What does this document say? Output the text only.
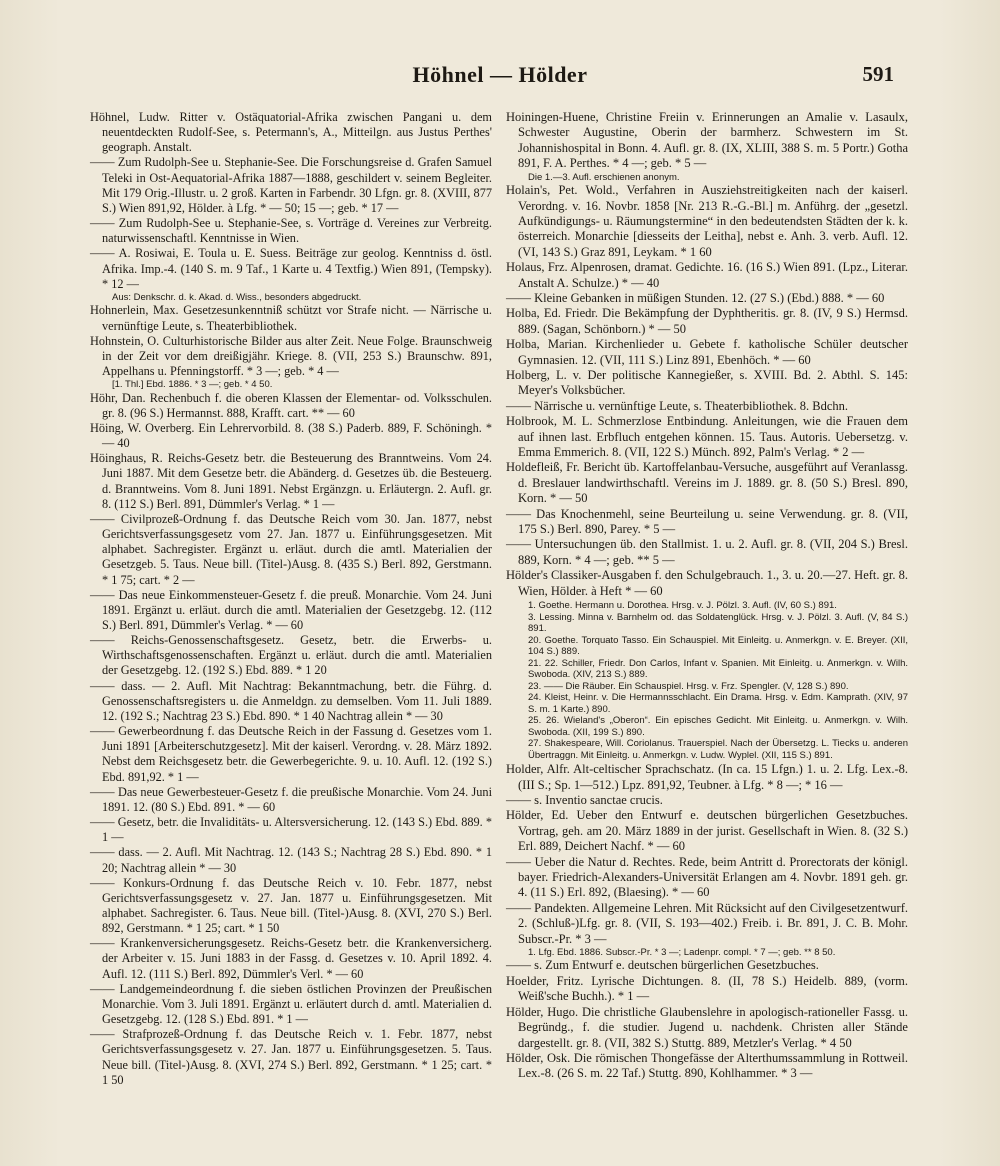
Höhnel — Hölder	591

Höhnel, Ludw. Ritter v. Ostäquatorial-Afrika zwischen Pangani u. dem neuentdeckten Rudolf-See, s. Petermann's, A., Mitteilgn. aus Justus Perthes' geograph. Anstalt.

—— Zum Rudolph-See u. Stephanie-See. Die Forschungsreise d. Grafen Samuel Teleki in Ost-Aequatorial-Afrika 1887—1888, geschildert v. seinem Begleiter. Mit 179 Orig.-Illustr. u. 2 groß. Karten in Farbendr. 30 Lfgn. gr. 8. (XVIII, 877 S.) Wien 891,92, Hölder. à Lfg. * — 50; 15 —; geb. * 17 —

—— Zum Rudolph-See u. Stephanie-See, s. Vorträge d. Vereines zur Verbreitg. naturwissenschaftl. Kenntnisse in Wien.

—— A. Rosiwai, E. Toula u. E. Suess. Beiträge zur geolog. Kenntniss d. östl. Afrika. Imp.-4. (140 S. m. 9 Taf., 1 Karte u. 4 Textfig.) Wien 891, (Tempsky). * 12 —

Aus: Denkschr. d. k. Akad. d. Wiss., besonders abgedruckt.

Hohnerlein, Max. Gesetzesunkenntniß schützt vor Strafe nicht. — Närrische u. vernünftige Leute, s. Theaterbibliothek.

Hohnstein, O. Culturhistorische Bilder aus alter Zeit. Neue Folge. Braunschweig in der Zeit vor dem dreißigjähr. Kriege. 8. (VII, 253 S.) Braunschw. 891, Appelhans u. Pfenningstorff. * 3 —; geb. * 4 —

[1. Thl.] Ebd. 1886. * 3 —; geb. * 4 50.

Höhr, Dan. Rechenbuch f. die oberen Klassen der Elementar- od. Volksschulen. gr. 8. (96 S.) Hermannst. 888, Krafft. cart. ** — 60

Höing, W. Overberg. Ein Lehrervorbild. 8. (38 S.) Paderb. 889, F. Schöningh. * — 40

Höinghaus, R. Reichs-Gesetz betr. die Besteuerung des Branntweins. Vom 24. Juni 1887. Mit dem Gesetze betr. die Abänderg. d. Gesetzes üb. die Besteuerg. d. Branntweins. Vom 8. Juni 1891. Nebst Ergänzgn. u. Erläutergn. 2. Aufl. gr. 8. (112 S.) Berl. 891, Dümmler's Verlag. * 1 —

—— Civilprozeß-Ordnung f. das Deutsche Reich vom 30. Jan. 1877, nebst Gerichtsverfassungsgesetz vom 27. Jan. 1877 u. Einführungsgesetzen. Mit alphabet. Sachregister. Ergänzt u. erläut. durch die amtl. Materialien der Gesetzgeb. 5. Taus. Neue bill. (Titel-)Ausg. 8. (435 S.) Berl. 892, Gerstmann. * 1 75; cart. * 2 —

—— Das neue Einkommensteuer-Gesetz f. die preuß. Monarchie. Vom 24. Juni 1891. Ergänzt u. erläut. durch die amtl. Materialien der Gesetzgebg. 12. (112 S.) Berl. 891, Dümmler's Verlag. * — 60

—— Reichs-Genossenschaftsgesetz. Gesetz, betr. die Erwerbs- u. Wirthschaftsgenossenschaften. Ergänzt u. erläut. durch die amtl. Materialien der Gesetzgebg. 12. (192 S.) Ebd. 889. * 1 20

—— dass. — 2. Aufl. Mit Nachtrag: Bekanntmachung, betr. die Führg. d. Genossenschaftsregisters u. die Anmeldgn. zu demselben. Vom 11. Juli 1889. 12. (192 S.; Nachtrag 23 S.) Ebd. 890. * 1 40 Nachtrag allein * — 30

—— Gewerbeordnung f. das Deutsche Reich in der Fassung d. Gesetzes vom 1. Juni 1891 [Arbeiterschutzgesetz]. Mit der kaiserl. Verordng. v. 28. März 1892. Nebst dem Reichsgesetz betr. die Gewerbegerichte. 9. u. 10. Aufl. 12. (192 S.) Ebd. 891,92. * 1 —

—— Das neue Gewerbesteuer-Gesetz f. die preußische Monarchie. Vom 24. Juni 1891. 12. (80 S.) Ebd. 891. * — 60

—— Gesetz, betr. die Invaliditäts- u. Altersversicherung. 12. (143 S.) Ebd. 889. * 1 —

—— dass. — 2. Aufl. Mit Nachtrag. 12. (143 S.; Nachtrag 28 S.) Ebd. 890. * 1 20; Nachtrag allein * — 30

—— Konkurs-Ordnung f. das Deutsche Reich v. 10. Febr. 1877, nebst Gerichtsverfassungsgesetz v. 27. Jan. 1877 u. Einführungsgesetzen. Mit alphabet. Sachregister. 6. Taus. Neue bill. (Titel-)Ausg. 8. (XVI, 270 S.) Berl. 892, Gerstmann. * 1 25; cart. * 1 50

—— Krankenversicherungsgesetz. Reichs-Gesetz betr. die Krankenversicherg. der Arbeiter v. 15. Juni 1883 in der Fassg. d. Gesetzes v. 10. April 1892. 4. Aufl. 12. (111 S.) Berl. 892, Dümmler's Verl. * — 60

—— Landgemeindeordnung f. die sieben östlichen Provinzen der Preußischen Monarchie. Vom 3. Juli 1891. Ergänzt u. erläutert durch d. amtl. Materialien d. Gesetzgebg. 12. (128 S.) Ebd. 891. * 1 —

—— Strafprozeß-Ordnung f. das Deutsche Reich v. 1. Febr. 1877, nebst Gerichtsverfassungsgesetz v. 27. Jan. 1877 u. Einführungsgesetzen. 5. Taus. Neue bill. (Titel-)Ausg. 8. (XVI, 274 S.) Berl. 892, Gerstmann. * 1 25; cart. * 1 50

Hoiningen-Huene, Christine Freiin v. Erinnerungen an Amalie v. Lasaulx, Schwester Augustine, Oberin der barmherz. Schwestern im St. Johannishospital in Bonn. 4. Aufl. gr. 8. (IX, XLIII, 388 S. m. 5 Portr.) Gotha 891, F. A. Perthes. * 4 —; geb. * 5 —

Die 1.—3. Aufl. erschienen anonym.

Holain's, Pet. Wold., Verfahren in Ausziehstreitigkeiten nach der kaiserl. Verordng. v. 16. Novbr. 1858 [Nr. 213 R.-G.-Bl.] m. Anführg. der „gesetzl. Aufkündigungs- u. Räumungstermine“ in den bedeutendsten Städten der k. k. österreich. Monarchie [diesseits der Leitha], nebst e. Anh. 3. verb. Aufl. 12. (VI, 143 S.) Graz 891, Leykam. * 1 60

Holaus, Frz. Alpenrosen, dramat. Gedichte. 16. (16 S.) Wien 891. (Lpz., Literar. Anstalt A. Schulze.) * — 40

—— Kleine Gebanken in müßigen Stunden. 12. (27 S.) (Ebd.) 888. * — 60

Holba, Ed. Friedr. Die Bekämpfung der Dyphtheritis. gr. 8. (IV, 9 S.) Hermsd. 889. (Sagan, Schönborn.) * — 50

Holba, Marian. Kirchenlieder u. Gebete f. katholische Schüler deutscher Gymnasien. 12. (VII, 111 S.) Linz 891, Ebenhöch. * — 60

Holberg, L. v. Der politische Kannegießer, s. XVIII. Bd. 2. Abthl. S. 145: Meyer's Volksbücher.

—— Närrische u. vernünftige Leute, s. Theaterbibliothek. 8. Bdchn.

Holbrook, M. L. Schmerzlose Entbindung. Anleitungen, wie die Frauen dem auf ihnen last. Erbfluch entgehen können. 15. Taus. Autoris. Uebersetzg. v. Emma Emmerich. 8. (VII, 122 S.) Münch. 892, Palm's Verlag. * 2 —

Holdefleiß, Fr. Bericht üb. Kartoffelanbau-Versuche, ausgeführt auf Veranlassg. d. Breslauer landwirthschaftl. Vereins im J. 1889. gr. 8. (50 S.) Bresl. 890, Korn. * — 50

—— Das Knochenmehl, seine Beurteilung u. seine Verwendung. gr. 8. (VII, 175 S.) Berl. 890, Parey. * 5 —

—— Untersuchungen üb. den Stallmist. 1. u. 2. Aufl. gr. 8. (VII, 204 S.) Bresl. 889, Korn. * 4 —; geb. ** 5 —

Hölder's Classiker-Ausgaben f. den Schulgebrauch. 1., 3. u. 20.—27. Heft. gr. 8. Wien, Hölder. à Heft * — 60

1. Goethe. Hermann u. Dorothea. Hrsg. v. J. Pölzl. 3. Aufl. (IV, 60 S.) 891.

3. Lessing. Minna v. Barnhelm od. das Soldatenglück. Hrsg. v. J. Pölzl. 3. Aufl. (V, 84 S.) 891.

20. Goethe. Torquato Tasso. Ein Schauspiel. Mit Einleitg. u. Anmerkgn. v. E. Breyer. (XII, 104 S.) 889.

21. 22. Schiller, Friedr. Don Carlos, Infant v. Spanien. Mit Einleitg. u. Anmerkgn. v. Wilh. Swoboda. (XIV, 213 S.) 889.

23. —— Die Räuber. Ein Schauspiel. Hrsg. v. Frz. Spengler. (V, 128 S.) 890.

24. Kleist, Heinr. v. Die Hermannsschlacht. Ein Drama. Hrsg. v. Edm. Kamprath. (XIV, 97 S. m. 1 Karte.) 890.

25. 26. Wieland's „Oberon“. Ein episches Gedicht. Mit Einleitg. u. Anmerkgn. v. Wilh. Swoboda. (XII, 199 S.) 890.

27. Shakespeare, Will. Coriolanus. Trauerspiel. Nach der Übersetzg. L. Tiecks u. anderen Übertraggn. Mit Einleitg. u. Anmerkgn. v. Ludw. Wyplel. (XII, 115 S.) 891.

Holder, Alfr. Alt-celtischer Sprachschatz. (In ca. 15 Lfgn.) 1. u. 2. Lfg. Lex.-8. (III S.; Sp. 1—512.) Lpz. 891,92, Teubner. à Lfg. * 8 —; * 16 —

—— s. Inventio sanctae crucis.

Hölder, Ed. Ueber den Entwurf e. deutschen bürgerlichen Gesetzbuches. Vortrag, geh. am 20. März 1889 in der jurist. Gesellschaft in Wien. 8. (32 S.) Erl. 889, Deichert Nachf. * — 60

—— Ueber die Natur d. Rechtes. Rede, beim Antritt d. Prorectorats der königl. bayer. Friedrich-Alexanders-Universität Erlangen am 4. Novbr. 1891 geh. gr. 4. (11 S.) Erl. 892, (Blaesing). * — 60

—— Pandekten. Allgemeine Lehren. Mit Rücksicht auf den Civilgesetzentwurf. 2. (Schluß-)Lfg. gr. 8. (VII, S. 193—402.) Freib. i. Br. 891, J. C. B. Mohr. Subscr.-Pr. * 3 —

1. Lfg. Ebd. 1886. Subscr.-Pr. * 3 —; Ladenpr. compl. * 7 —; geb. ** 8 50.

—— s. Zum Entwurf e. deutschen bürgerlichen Gesetzbuches.

Hoelder, Fritz. Lyrische Dichtungen. 8. (II, 78 S.) Heidelb. 889, (vorm. Weiß'sche Buchh.). * 1 —

Hölder, Hugo. Die christliche Glaubenslehre in apologisch-rationeller Fassg. u. Begründg., f. die studier. Jugend u. nachdenk. Christen aller Stände dargestellt. gr. 8. (VII, 382 S.) Stuttg. 889, Metzler's Verlag. * 4 50

Hölder, Osk. Die römischen Thongefässe der Alterthumssammlung in Rottweil. Lex.-8. (26 S. m. 22 Taf.) Stuttg. 890, Kohlhammer. * 3 —
